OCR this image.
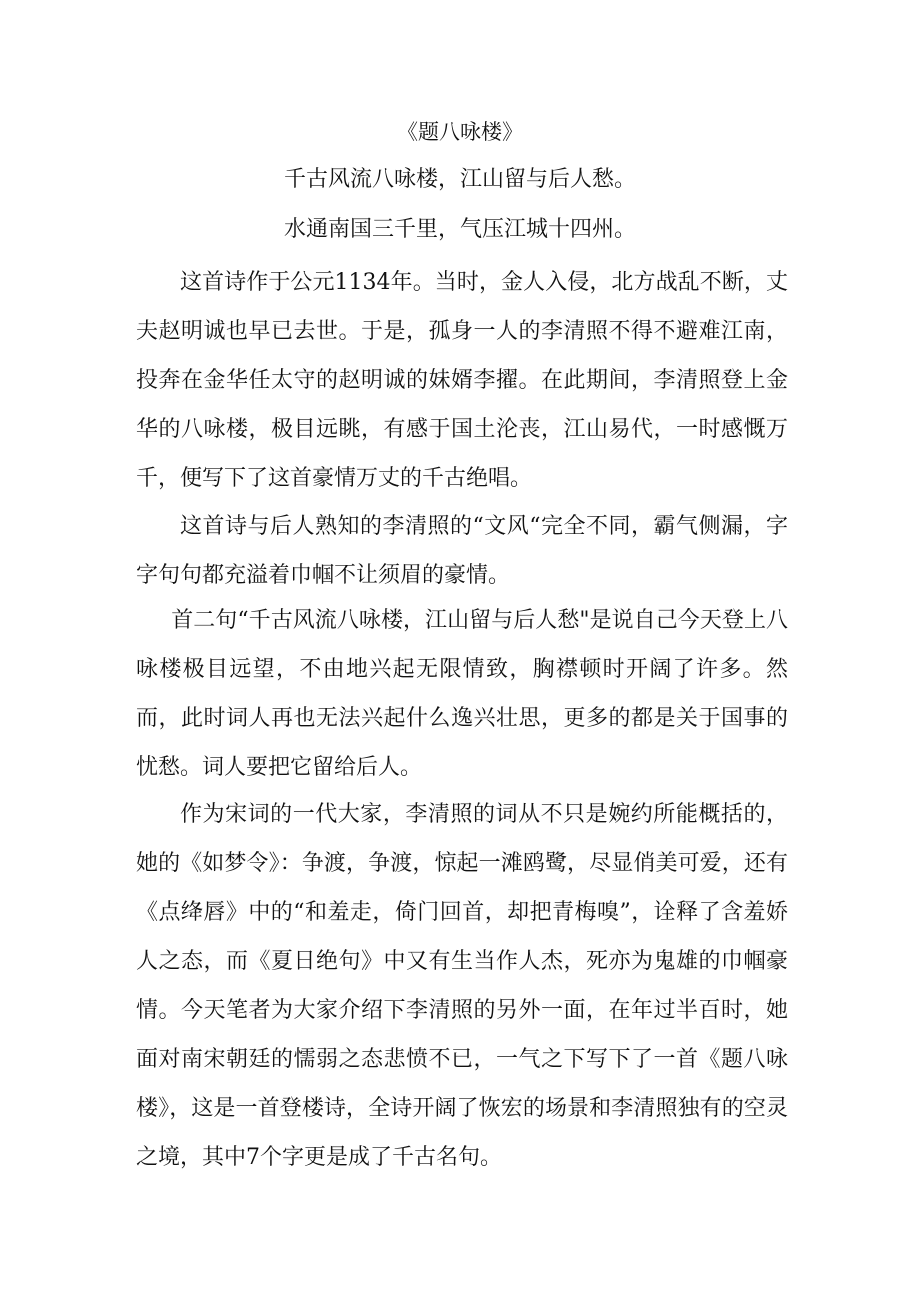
《题八咏楼》
千古风流八咏楼，江山留与后人愁。
水通南国三千里，气压江城十四州。

这首诗作于公元1134年。当时，金人入侵，北方战乱不断，丈夫赵明诚也早已去世。于是，孤身一人的李清照不得不避难江南，投奔在金华任太守的赵明诚的妹婿李擢。在此期间，李清照登上金华的八咏楼，极目远眺，有感于国土沦丧，江山易代，一时感慨万千，便写下了这首豪情万丈的千古绝唱。

这首诗与后人熟知的李清照的“文风“完全不同，霸气侧漏，字字句句都充溢着巾帼不让须眉的豪情。

首二句“千古风流八咏楼，江山留与后人愁"是说自己今天登上八咏楼极目远望，不由地兴起无限情致，胸襟顿时开阔了许多。然而，此时词人再也无法兴起什么逸兴壮思，更多的都是关于国事的忧愁。词人要把它留给后人。

作为宋词的一代大家，李清照的词从不只是婉约所能概括的，她的《如梦令》：争渡，争渡，惊起一滩鸥鹭，尽显俏美可爱，还有《点绛唇》中的“和羞走，倚门回首，却把青梅嗅”，诠释了含羞娇人之态，而《夏日绝句》中又有生当作人杰，死亦为鬼雄的巾帼豪情。今天笔者为大家介绍下李清照的另外一面，在年过半百时，她面对南宋朝廷的懦弱之态悲愤不已，一气之下写下了一首《题八咏楼》，这是一首登楼诗，全诗开阔了恢宏的场景和李清照独有的空灵之境，其中7个字更是成了千古名句。
